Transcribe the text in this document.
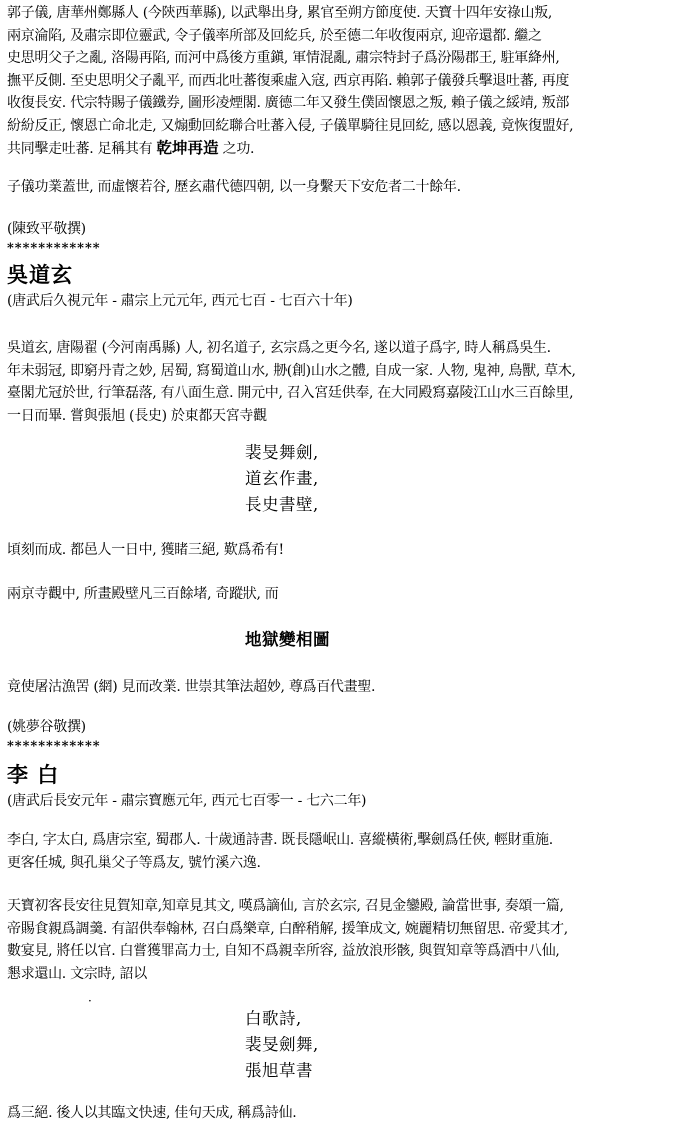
郭子儀, 唐華州鄭縣人 (今陝西華縣), 以武舉出身, 累官至朔方節度使. 天寶十四年安祿山叛,
兩京淪陷, 及肅宗即位靈武, 令子儀率所部及回紇兵, 於至德二年收復兩京, 迎帝還都. 繼之
史思明父子之亂, 洛陽再陷, 而河中爲後方重鎭, 軍情混亂, 肅宗特封子爲汾陽郡王, 駐軍絳州,
撫平反側. 至史思明父子亂平, 而西北吐蕃復乘虛入寇, 西京再陷. 賴郭子儀發兵擊退吐蕃, 再度
收復長安. 代宗特賜子儀鐵券, 圖形凌煙閣. 廣德二年又發生僕固懷恩之叛, 賴子儀之綏靖, 叛部
紛紛反正, 懷恩亡命北走, 又煽動回紇聯合吐蕃入侵, 子儀單騎往見回紇, 感以恩義, 竟恢復盟好,
共同擊走吐蕃. 足稱其有 乾坤再造 之功.
子儀功業蓋世, 而虛懷若谷, 歷玄肅代德四朝, 以一身繫天下安危者二十餘年.
(陳致平敬撰)
************
吳道玄
(唐武后久視元年 - 肅宗上元元年, 西元七百 - 七百六十年)
吳道玄, 唐陽翟 (今河南禹縣) 人, 初名道子, 玄宗爲之更今名, 遂以道子爲字, 時人稱爲吳生.
年未弱冠, 即窮丹青之妙, 居蜀, 寫蜀道山水, 刱(創)山水之體, 自成一家. 人物, 鬼神, 鳥獸, 草木,
臺閣尤冠於世, 行筆磊落, 有八面生意. 開元中, 召入宮廷供奉, 在大同殿寫嘉陵江山水三百餘里,
一日而畢. 嘗與張旭 (長史) 於東都天宮寺觀
裴旻舞劍,
道玄作畫,
長史書壁,
頃刻而成. 都邑人一日中, 獲睹三絕, 歎爲希有!
兩京寺觀中, 所畫殿壁凡三百餘堵, 奇蹤狀, 而
地獄變相圖
竟使屠沽漁罟 (網) 見而改業. 世崇其筆法超妙, 尊爲百代畫聖.
(姚夢谷敬撰)
************
李 白
(唐武后長安元年 - 肅宗寶應元年, 西元七百零一 - 七六二年)
李白, 字太白, 爲唐宗室, 蜀郡人. 十歲通詩書. 既長隱岷山. 喜縱橫術,擊劍爲任俠, 輕財重施.
更客任城, 與孔巢父子等爲友, 號竹溪六逸.
天寶初客長安往見賀知章,知章見其文, 嘆爲謫仙, 言於玄宗, 召見金鑾殿, 論當世事, 奏頌一篇,
帝賜食親爲調羹. 有詔供奉翰林, 召白爲樂章, 白醉稍解, 援筆成文, 婉麗精切無留思. 帝愛其才,
數宴見, 將任以官. 白嘗獲罪高力士, 自知不爲親幸所容, 益放浪形骸, 與賀知章等爲酒中八仙,
懇求還山. 文宗時, 詔以
·
白歌詩,
裴旻劍舞,
張旭草書
爲三絕. 後人以其臨文快速, 佳句天成, 稱爲詩仙.
